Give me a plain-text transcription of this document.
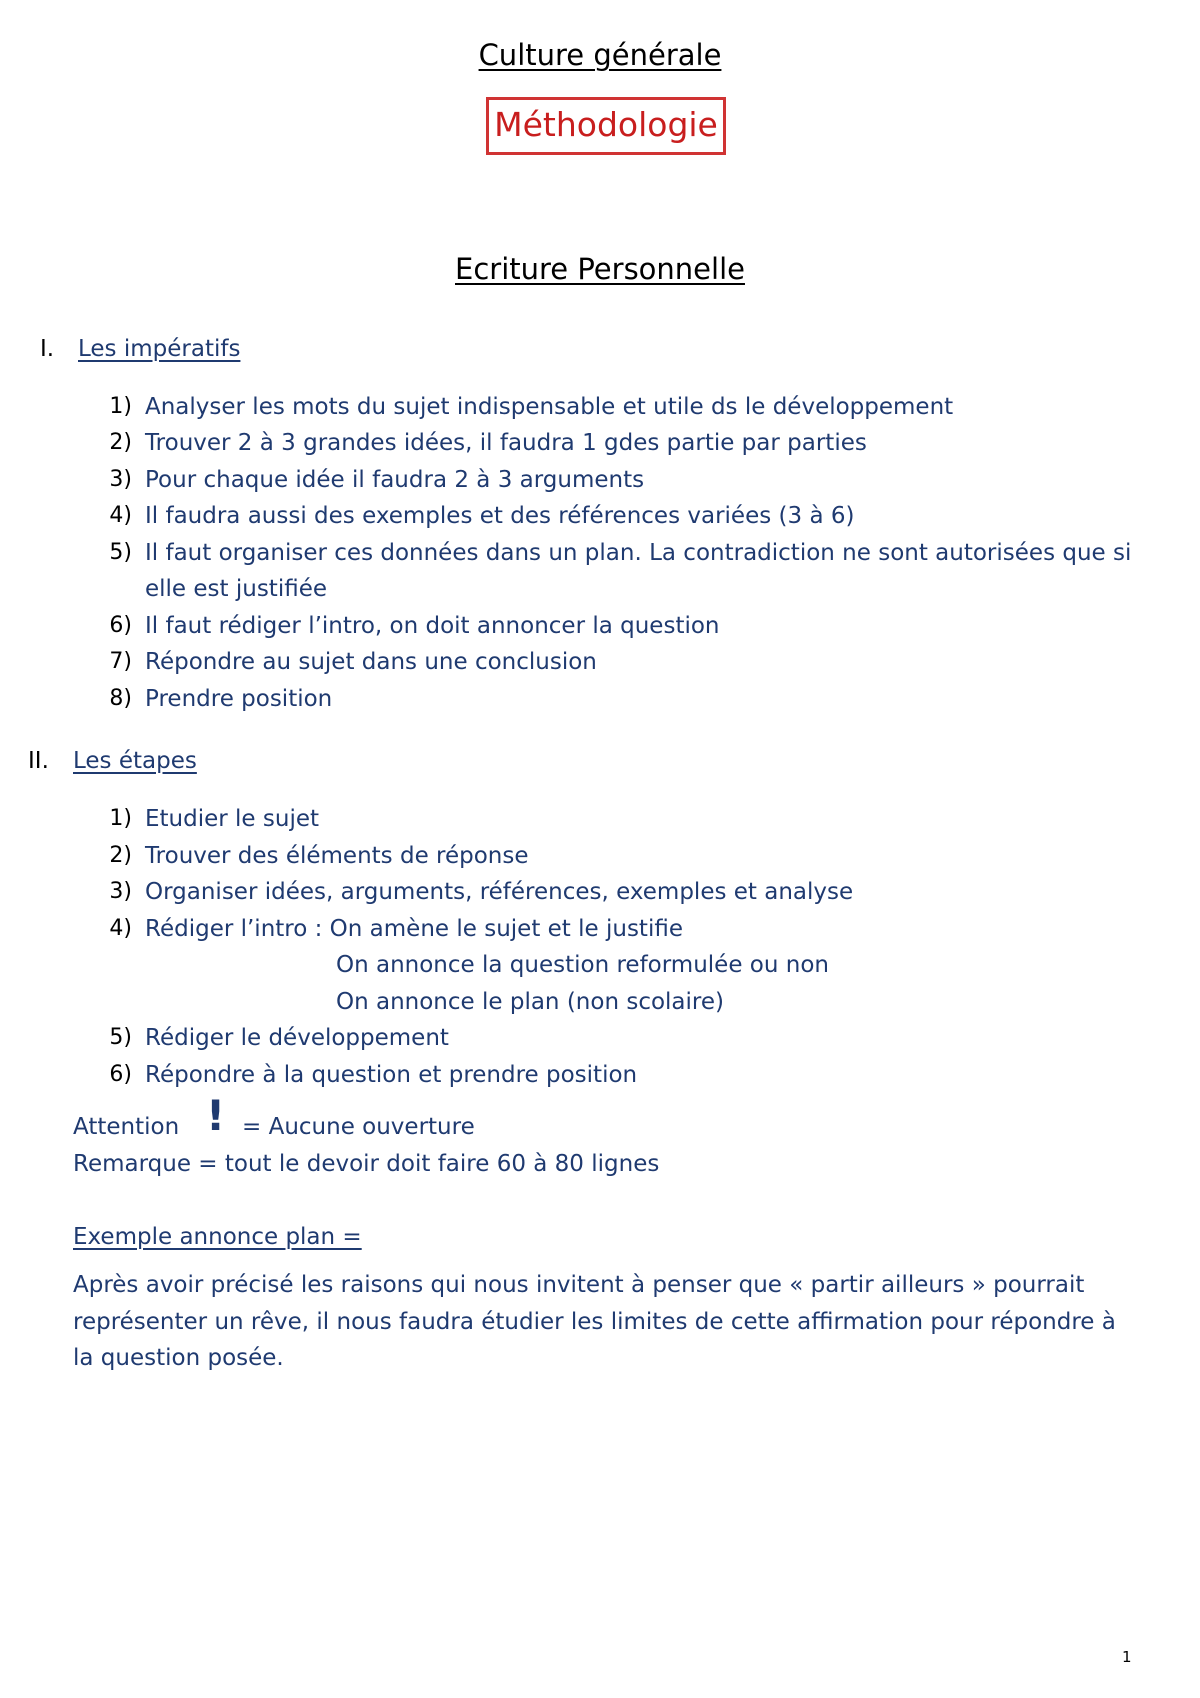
Culture générale
Méthodologie
Ecriture Personnelle
I. Les impératifs
1) Analyser les mots du sujet indispensable et utile ds le développement
2) Trouver 2 à 3 grandes idées, il faudra 1 gdes partie par parties
3) Pour chaque idée il faudra 2 à 3 arguments
4) Il faudra aussi des exemples et des références variées (3 à 6)
5) Il faut organiser ces données dans un plan. La contradiction ne sont autorisées que si
elle est justifiée
6) Il faut rédiger l’intro, on doit annoncer la question
7) Répondre au sujet dans une conclusion
8) Prendre position
II. Les étapes
1) Etudier le sujet
2) Trouver des éléments de réponse
3) Organiser idées, arguments, références, exemples et analyse
4) Rédiger l’intro : On amène le sujet et le justifie
On annonce la question reformulée ou non
On annonce le plan (non scolaire)
5) Rédiger le développement
6) Répondre à la question et prendre position
Attention ! = Aucune ouverture
Remarque = tout le devoir doit faire 60 à 80 lignes
Exemple annonce plan =
Après avoir précisé les raisons qui nous invitent à penser que « partir ailleurs » pourrait
représenter un rêve, il nous faudra étudier les limites de cette affirmation pour répondre à
la question posée.
1
